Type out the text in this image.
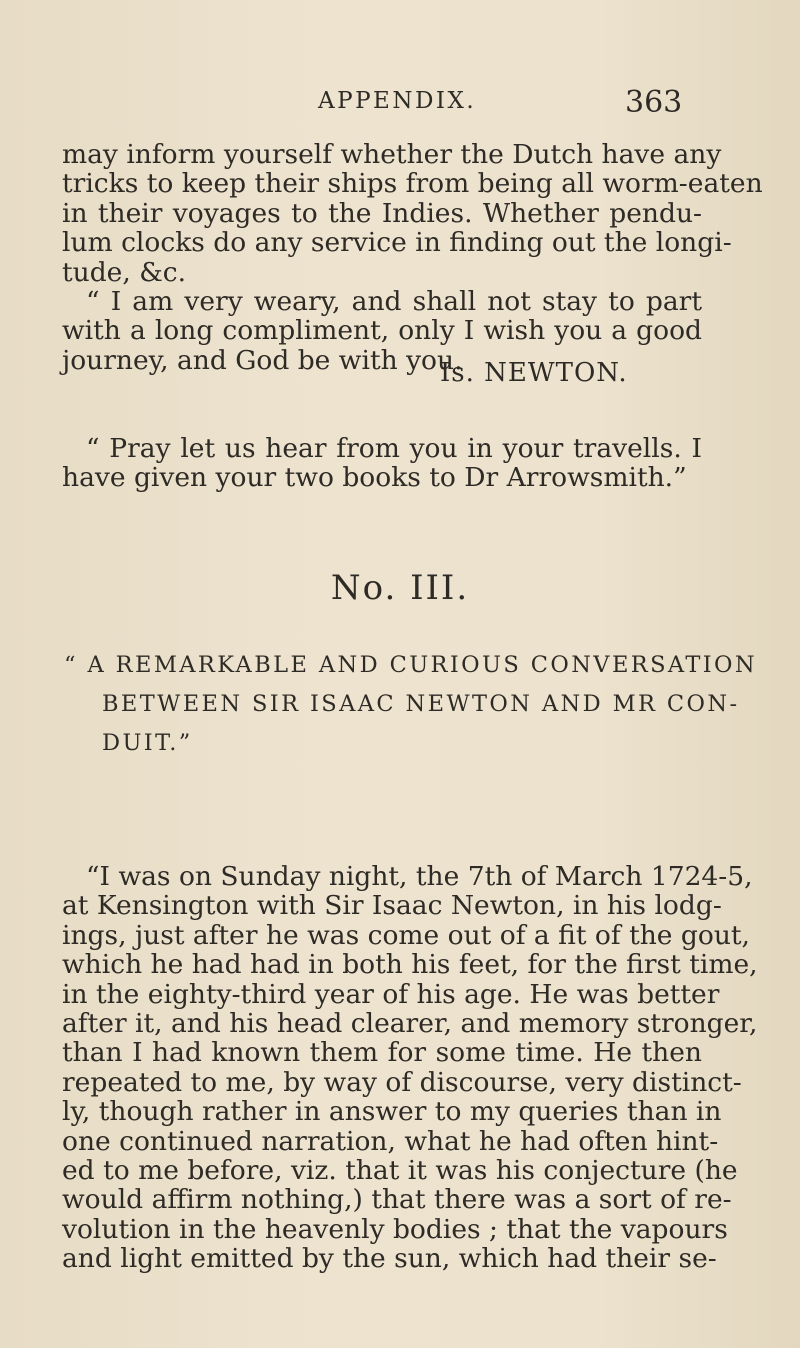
APPENDIX.	363
may inform yourself whether the Dutch have any
tricks to keep their ships from being all worm-eaten
in their voyages to the Indies. Whether pendu-
lum clocks do any service in finding out the longi-
tude, &c.
“ I am very weary, and shall not stay to part
with a long compliment, only I wish you a good
journey, and God be with you.
Is. NEWTON.
“ Pray let us hear from you in your travells. I
have given your two books to Dr Arrowsmith.”
No. III.
“ A REMARKABLE AND CURIOUS CONVERSATION
BETWEEN SIR ISAAC NEWTON AND MR CON-
DUIT.”
“I was on Sunday night, the 7th of March 1724-5,
at Kensington with Sir Isaac Newton, in his lodg-
ings, just after he was come out of a fit of the gout,
which he had had in both his feet, for the first time,
in the eighty-third year of his age. He was better
after it, and his head clearer, and memory stronger,
than I had known them for some time. He then
repeated to me, by way of discourse, very distinct-
ly, though rather in answer to my queries than in
one continued narration, what he had often hint-
ed to me before, viz. that it was his conjecture (he
would affirm nothing,) that there was a sort of re-
volution in the heavenly bodies ; that the vapours
and light emitted by the sun, which had their se-
